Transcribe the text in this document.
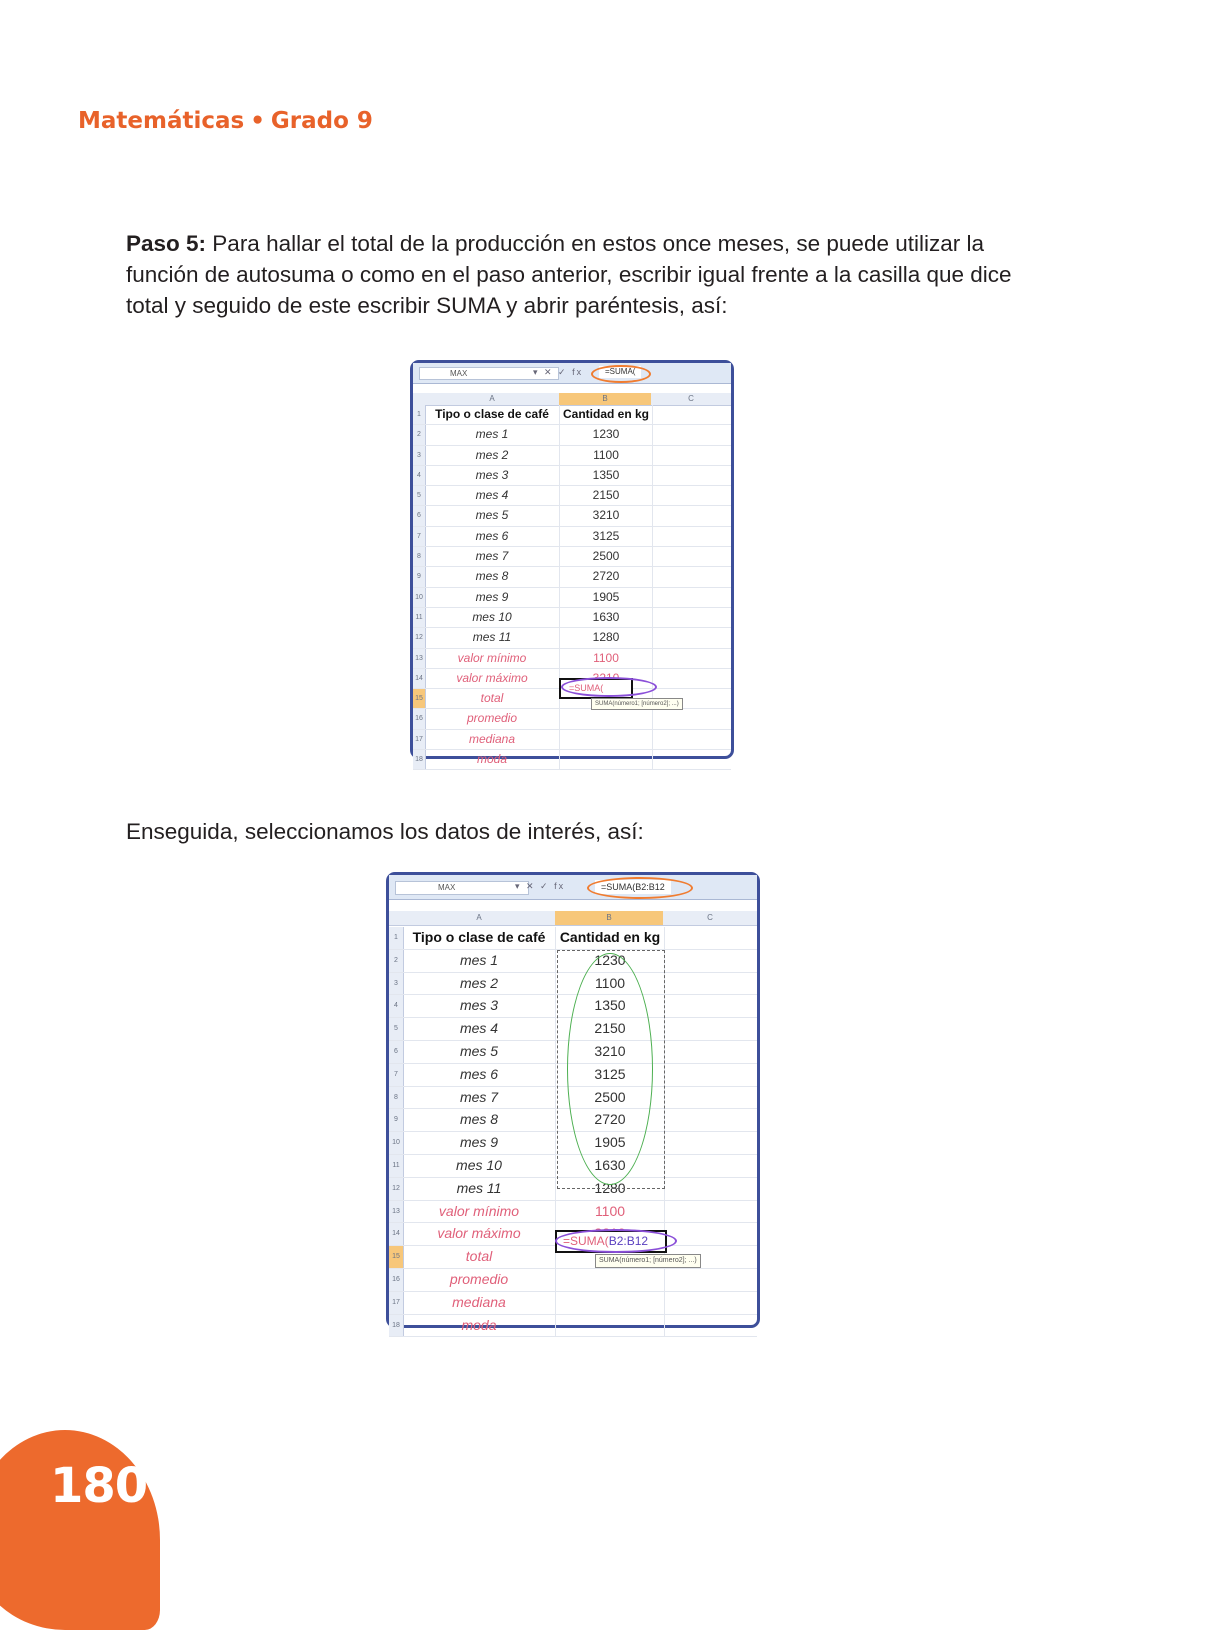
Matemáticas • Grado 9
Paso 5: Para hallar el total de la producción en estos once meses, se puede utilizar la función de autosuma o como en el paso anterior, escribir igual frente a la casilla que dice total y seguido de este escribir SUMA y abrir paréntesis, así:
MAX	▾ ✕ ✓ fx	=SUMA(
A	B	C
1	Tipo o clase de café	Cantidad en kg
2	mes 1	1230
3	mes 2	1100
4	mes 3	1350
5	mes 4	2150
6	mes 5	3210
7	mes 6	3125
8	mes 7	2500
9	mes 8	2720
10	mes 9	1905
11	mes 10	1630
12	mes 11	1280
13	valor mínimo	1100
14	valor máximo
15	total
16	promedio
17	mediana
18	moda
=SUMA(
SUMA(número1; [número2]; ...)
Enseguida, seleccionamos los datos de interés, así:
MAX	▾ ✕ ✓ fx	=SUMA(B2:B12
A	B	C
1	Tipo o clase de café	Cantidad en kg
2	mes 1	1230
3	mes 2	1100
4	mes 3	1350
5	mes 4	2150
6	mes 5	3210
7	mes 6	3125
8	mes 7	2500
9	mes 8	2720
10	mes 9	1905
11	mes 10	1630
12	mes 11	1280
13	valor mínimo	1100
14	valor máximo
15	total
16	promedio
17	mediana
18	moda
=SUMA(B2:B12
SUMA(número1; [número2]; ...)
180
